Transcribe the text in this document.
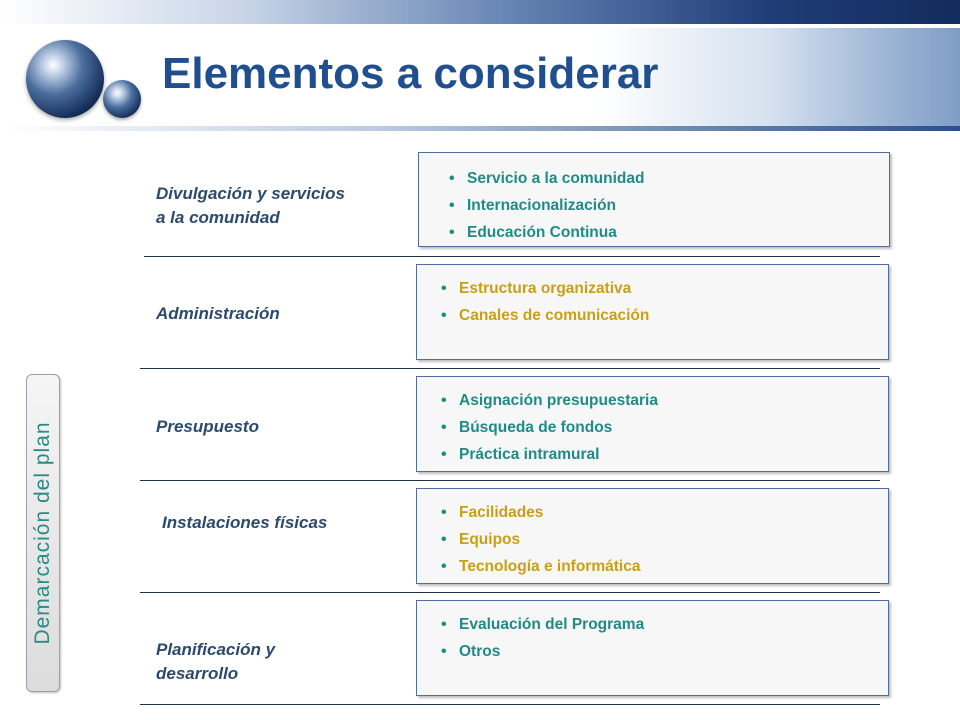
Elementos a considerar
Demarcación del plan
Divulgación y servicios
a la comunidad
• Servicio a la comunidad
• Internacionalización
• Educación Continua
Administración
• Estructura organizativa
• Canales de comunicación
Presupuesto
• Asignación presupuestaria
• Búsqueda de fondos
• Práctica intramural
Instalaciones físicas
• Facilidades
• Equipos
• Tecnología e informática
Planificación y
desarrollo
• Evaluación del Programa
• Otros
